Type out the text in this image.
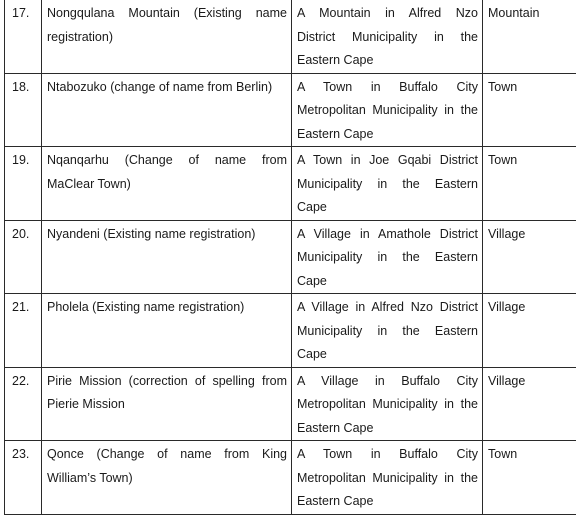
17.	Nongqulana Mountain (Existing name registration)	A Mountain in Alfred Nzo
District Municipality in the
Eastern Cape	Mountain
18.	Ntabozuko (change of name from Berlin)	A Town in Buffalo City
Metropolitan Municipality in the
Eastern Cape	Town
19.	Nqanqarhu (Change of name from MaClear Town)	A Town in Joe Gqabi District
Municipality in the Eastern
Cape	Town
20.	Nyandeni (Existing name registration)	A Village in Amathole District
Municipality in the Eastern
Cape	Village
21.	Pholela (Existing name registration)	A Village in Alfred Nzo District
Municipality in the Eastern
Cape	Village
22.	Pirie Mission (correction of spelling from Pierie Mission	A Village in Buffalo City
Metropolitan Municipality in the
Eastern Cape	Village
23.	Qonce (Change of name from King William’s Town)	A Town in Buffalo City
Metropolitan Municipality in the
Eastern Cape	Town
